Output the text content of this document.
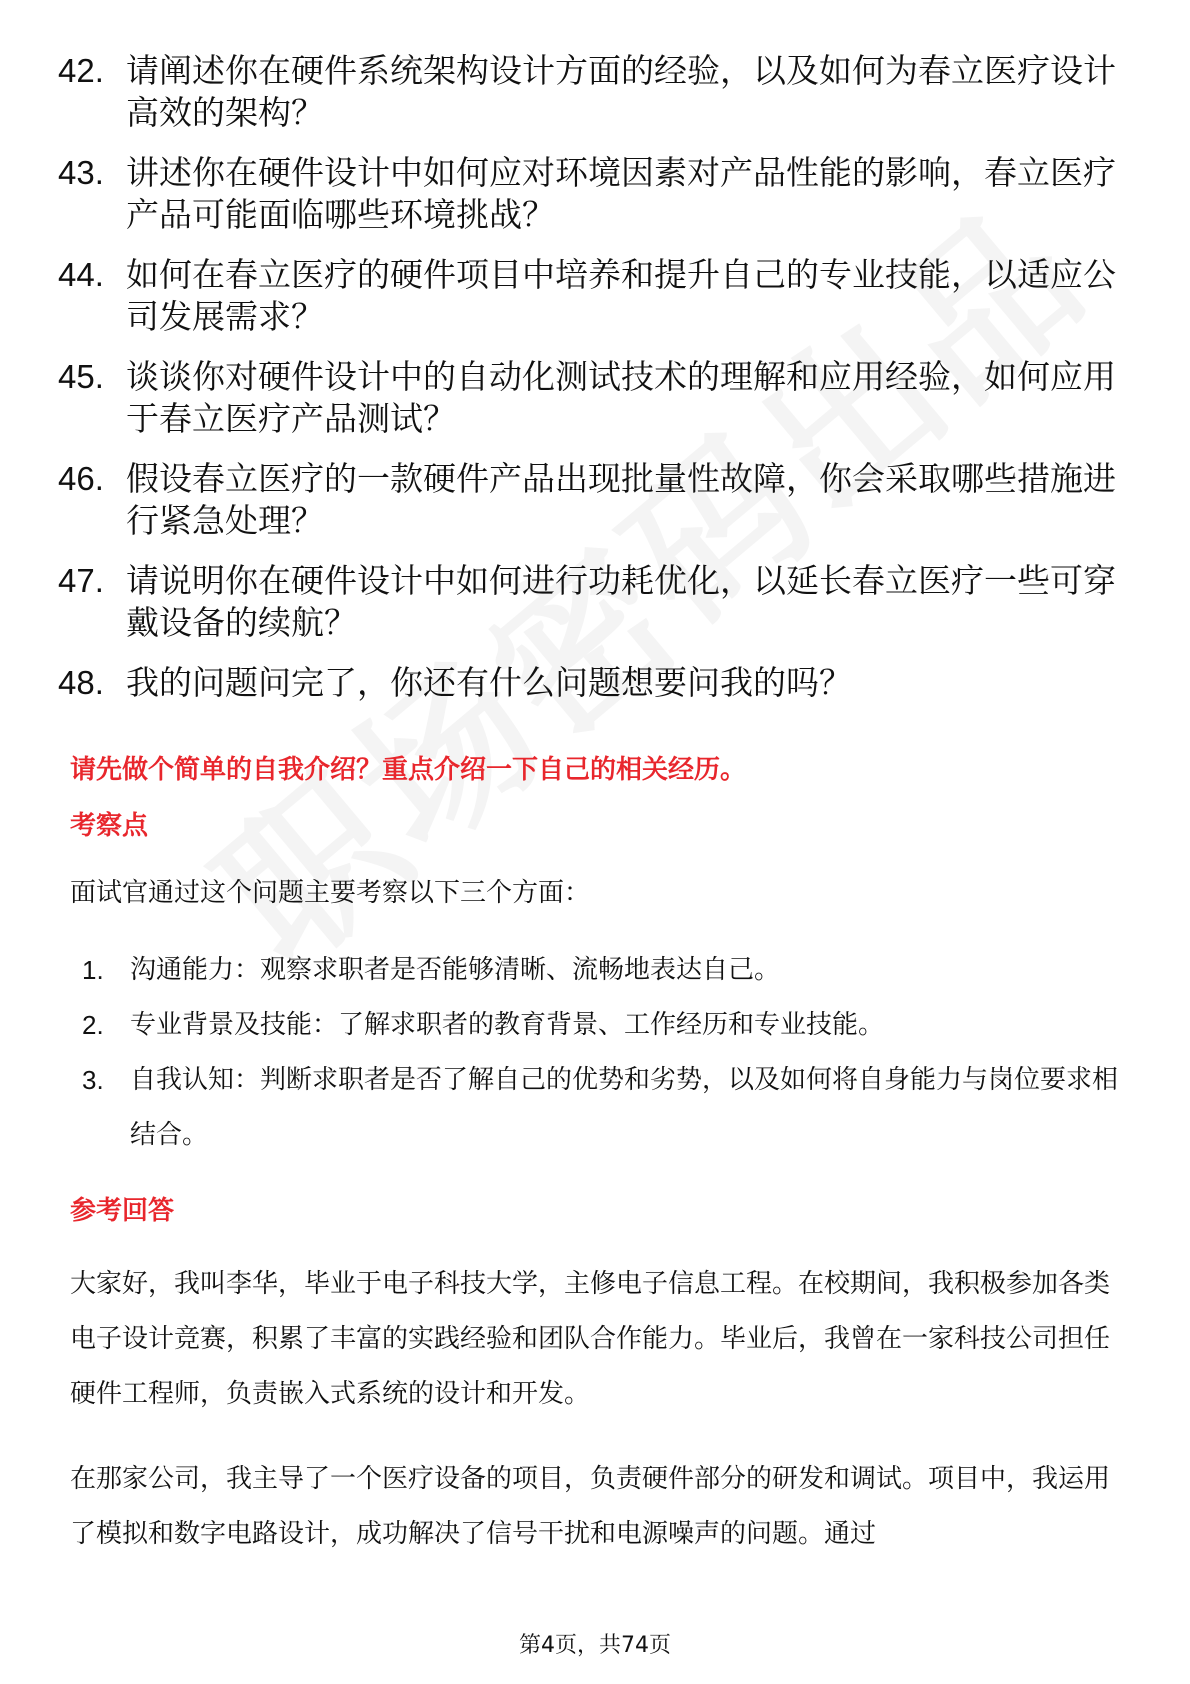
42. 请阐述你在硬件系统架构设计方面的经验，以及如何为春立医疗设计高效的架构？
43. 讲述你在硬件设计中如何应对环境因素对产品性能的影响，春立医疗产品可能面临哪些环境挑战？
44. 如何在春立医疗的硬件项目中培养和提升自己的专业技能，以适应公司发展需求？
45. 谈谈你对硬件设计中的自动化测试技术的理解和应用经验，如何应用于春立医疗产品测试？
46. 假设春立医疗的一款硬件产品出现批量性故障，你会采取哪些措施进行紧急处理？
47. 请说明你在硬件设计中如何进行功耗优化，以延长春立医疗一些可穿戴设备的续航？
48. 我的问题问完了，你还有什么问题想要问我的吗？

请先做个简单的自我介绍？重点介绍一下自己的相关经历。

考察点

面试官通过这个问题主要考察以下三个方面：

1.	沟通能力：观察求职者是否能够清晰、流畅地表达自己。
2.	专业背景及技能：了解求职者的教育背景、工作经历和专业技能。
3.	自我认知：判断求职者是否了解自己的优势和劣势，以及如何将自身能力与岗位要求相结合。

参考回答

大家好，我叫李华，毕业于电子科技大学，主修电子信息工程。在校期间，我积极参加各类电子设计竞赛，积累了丰富的实践经验和团队合作能力。毕业后，我曾在一家科技公司担任硬件工程师，负责嵌入式系统的设计和开发。

在那家公司，我主导了一个医疗设备的项目，负责硬件部分的研发和调试。项目中，我运用了模拟和数字电路设计，成功解决了信号干扰和电源噪声的问题。通过

第4页，共74页
